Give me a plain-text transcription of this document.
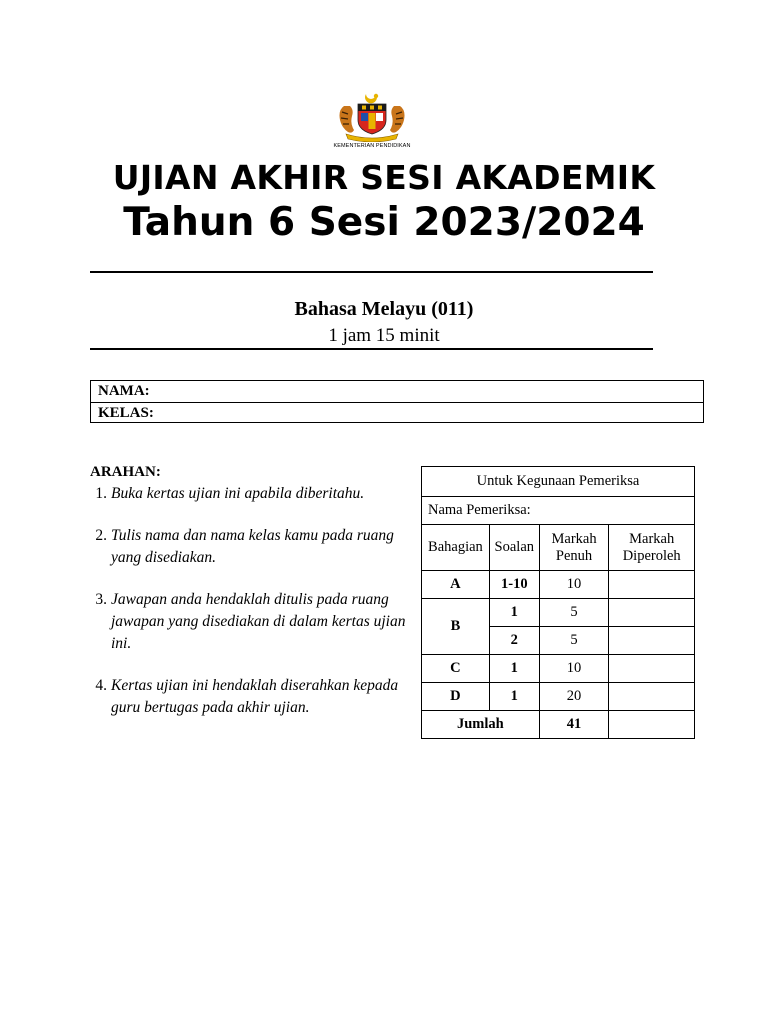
KEMENTERIAN PENDIDIKAN
UJIAN AKHIR SESI AKADEMIK
Tahun 6 Sesi 2023/2024
Bahasa Melayu (011)
1 jam 15 minit
NAMA:
KELAS:
ARAHAN:
1. Buka kertas ujian ini apabila diberitahu.
2. Tulis nama dan nama kelas kamu pada ruang yang disediakan.
3. Jawapan anda hendaklah ditulis pada ruang jawapan yang disediakan di dalam kertas ujian ini.
4. Kertas ujian ini hendaklah diserahkan kepada guru bertugas pada akhir ujian.
Untuk Kegunaan Pemeriksa			
Nama Pemeriksa:			
Bahagian	Soalan	Markah Penuh	Markah Diperoleh
A	1-10	10	
B	1	5	
	2	5	
C	1	10	
D	1	20	
Jumlah		41	
